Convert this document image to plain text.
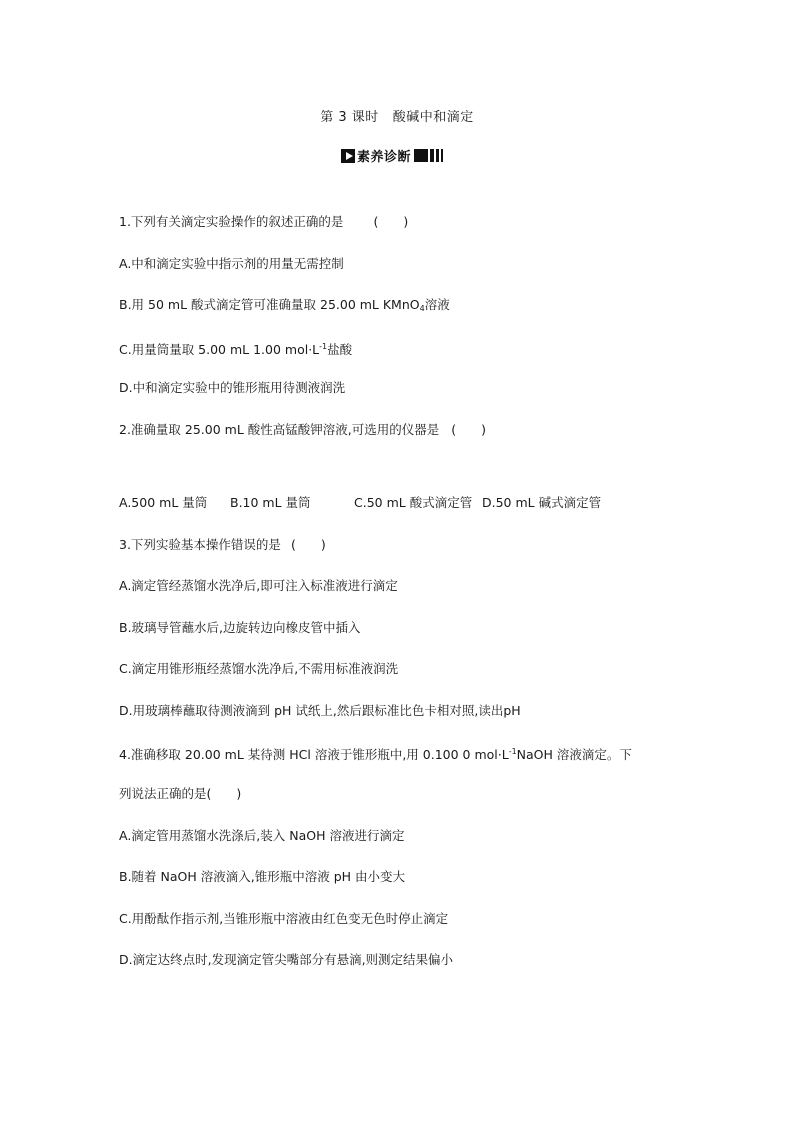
第 3 课时 酸碱中和滴定
素养诊断
1.下列有关滴定实验操作的叙述正确的是 (　　)
A.中和滴定实验中指示剂的用量无需控制
B.用 50 mL 酸式滴定管可准确量取 25.00 mL KMnO$_4$溶液
C.用量筒量取 5.00 mL 1.00 $mol\cdot L^{-1}$盐酸
D.中和滴定实验中的锥形瓶用待测液润洗
2.准确量取 25.00 mL 酸性高锰酸钾溶液,可选用的仪器是 (　　)
A.500 mL 量筒 B.10 mL 量筒	C.50 mL 酸式滴定管 D.50 mL 碱式滴定管
3.下列实验基本操作错误的是 (　　)
A.滴定管经蒸馏水洗净后,即可注入标准液进行滴定
B.玻璃导管蘸水后,边旋转边向橡皮管中插入
C.滴定用锥形瓶经蒸馏水洗净后,不需用标准液润洗
D.用玻璃棒蘸取待测液滴到 pH 试纸上,然后跟标准比色卡相对照,读出pH
4.准确移取 20.00 mL 某待测 HCl 溶液于锥形瓶中,用 0.100 0 $mol\cdot L^{-1}NaOH$ 溶液滴定。下
列说法正确的是(　　)
A.滴定管用蒸馏水洗涤后,装入 NaOH 溶液进行滴定
B.随着 NaOH 溶液滴入,锥形瓶中溶液 pH 由小变大
C.用酚酞作指示剂,当锥形瓶中溶液由红色变无色时停止滴定
D.滴定达终点时,发现滴定管尖嘴部分有悬滴,则测定结果偏小
